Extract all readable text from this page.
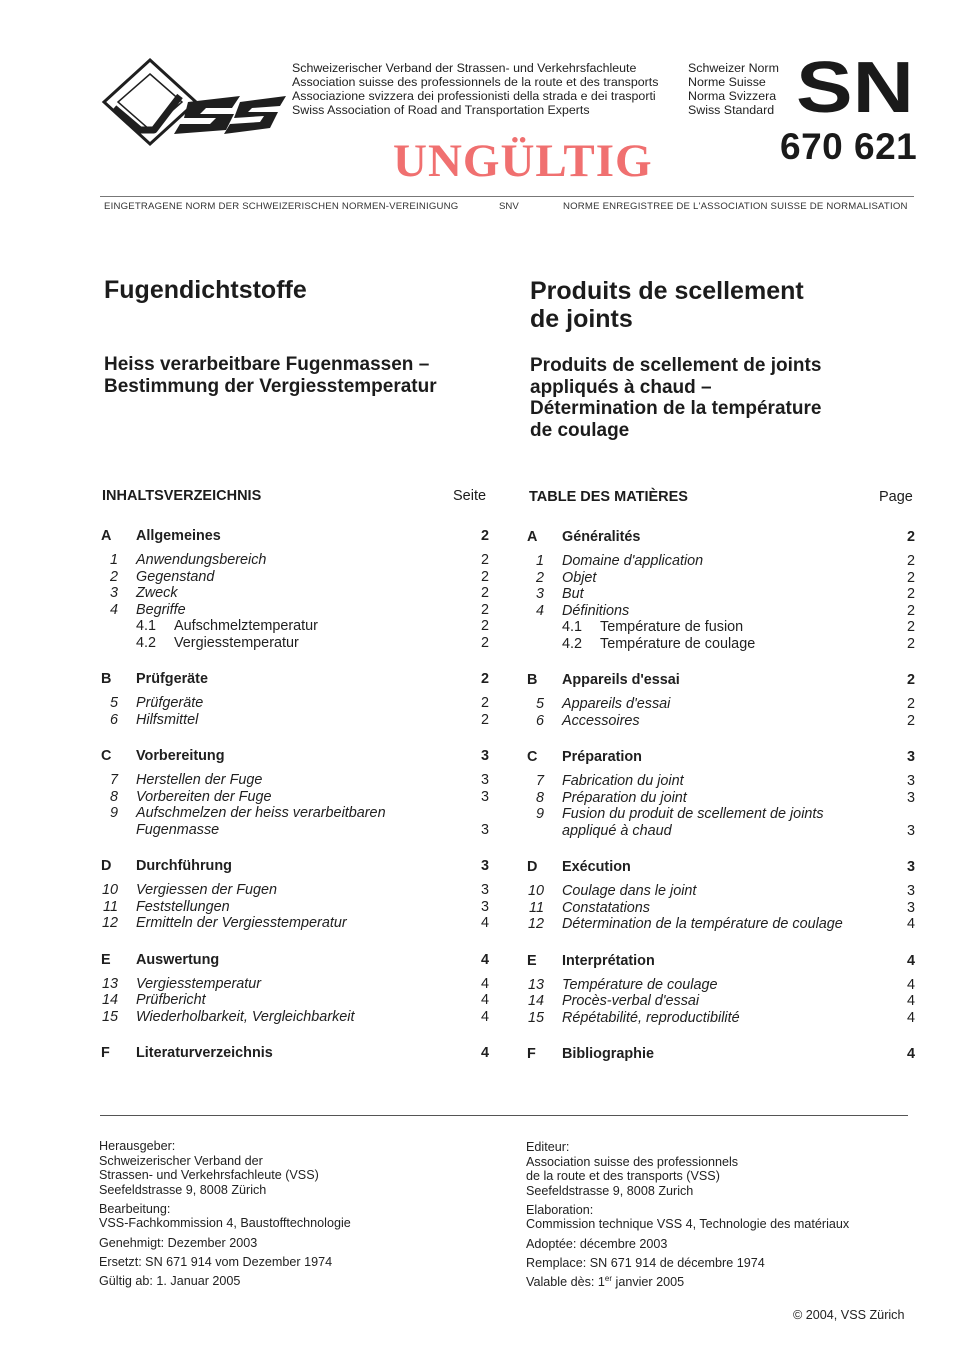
Schweizerischer Verband der Strassen- und Verkehrsfachleute
Association suisse des professionnels de la route et des transports
Associazione svizzera dei professionisti della strada e dei trasporti
Swiss Association of Road and Transportation Experts
Schweizer Norm
Norme Suisse
Norma Svizzera
Swiss Standard SN
670 621
UNGÜLTIG
EINGETRAGENE NORM DER SCHWEIZERISCHEN NORMEN-VEREINIGUNG	SNV	NORME ENREGISTREE DE L'ASSOCIATION SUISSE DE NORMALISATION
Fugendichtstoffe
Heiss verarbeitbare Fugenmassen –
Bestimmung der Vergiesstemperatur
Produits de scellement
de joints
Produits de scellement de joints
appliqués à chaud –
Détermination de la température
de coulage
INHALTSVERZEICHNIS	Seite	TABLE DES MATIÈRES	Page
A	Allgemeines	2
1 Anwendungsbereich	2
2 Gegenstand	2
3 Zweck	2
4 Begriffe	2
4.1	Aufschmelztemperatur	2
4.2	Vergiesstemperatur	2
B	Prüfgeräte	2
5 Prüfgeräte	2
6 Hilfsmittel	2
C	Vorbereitung	3
7 Herstellen der Fuge	3
8 Vorbereiten der Fuge	3
9 Aufschmelzen der heiss verarbeitbaren
Fugenmasse	3
D	Durchführung	3
10 Vergiessen der Fugen	3
11 Feststellungen	3
12 Ermitteln der Vergiesstemperatur	4
E	Auswertung	4
13 Vergiesstemperatur	4
14 Prüfbericht	4
15 Wiederholbarkeit, Vergleichbarkeit	4
F	Literaturverzeichnis	4
A	Généralités	2
1 Domaine d'application	2
2 Objet	2
3 But	2
4 Définitions	2
4.1	Température de fusion	2
4.2	Température de coulage	2
B	Appareils d'essai	2
5 Appareils d'essai	2
6 Accessoires	2
C	Préparation	3
7 Fabrication du joint	3
8 Préparation du joint	3
9 Fusion du produit de scellement de joints
appliqué à chaud	3
D	Exécution	3
10 Coulage dans le joint	3
11 Constatations	3
12 Détermination de la température de coulage	4
E	Interprétation	4
13 Température de coulage	4
14 Procès-verbal d'essai	4
15 Répétabilité, reproductibilité	4
F	Bibliographie	4
Herausgeber:
Schweizerischer Verband der
Strassen- und Verkehrsfachleute (VSS)
Seefeldstrasse 9, 8008 Zürich
Bearbeitung:
VSS-Fachkommission 4, Baustofftechnologie
Genehmigt: Dezember 2003
Ersetzt: SN 671 914 vom Dezember 1974
Gültig ab: 1. Januar 2005
Editeur:
Association suisse des professionnels
de la route et des transports (VSS)
Seefeldstrasse 9, 8008 Zurich
Elaboration:
Commission technique VSS 4, Technologie des matériaux
Adoptée: décembre 2003
Remplace: SN 671 914 de décembre 1974
Valable dès: 1er janvier 2005
© 2004, VSS Zürich
